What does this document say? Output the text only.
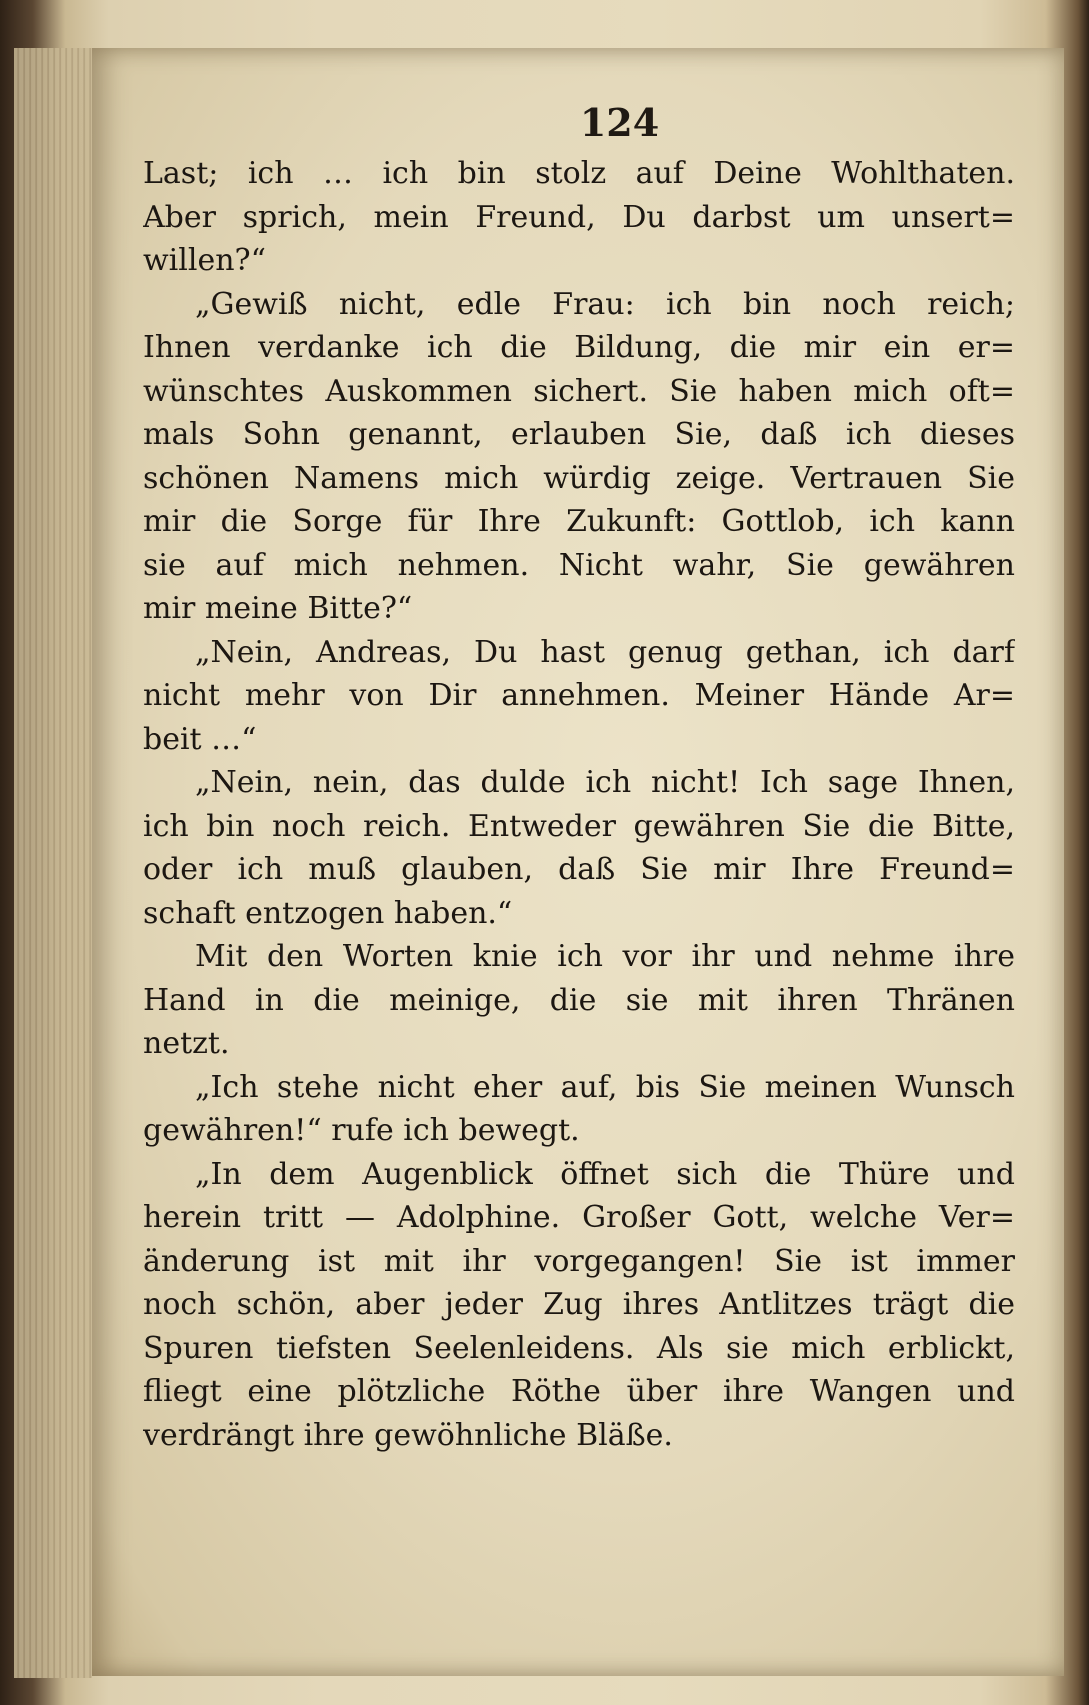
124
Last; ich … ich bin stolz auf Deine Wohlthaten.
Aber sprich, mein Freund, Du darbst um unsert=
willen?“
„Gewiß nicht, edle Frau: ich bin noch reich;
Ihnen verdanke ich die Bildung, die mir ein er=
wünschtes Auskommen sichert. Sie haben mich oft=
mals Sohn genannt, erlauben Sie, daß ich dieses
schönen Namens mich würdig zeige. Vertrauen Sie
mir die Sorge für Ihre Zukunft: Gottlob, ich kann
sie auf mich nehmen. Nicht wahr, Sie gewähren
mir meine Bitte?“
„Nein, Andreas, Du hast genug gethan, ich darf
nicht mehr von Dir annehmen. Meiner Hände Ar=
beit …“
„Nein, nein, das dulde ich nicht! Ich sage Ihnen,
ich bin noch reich. Entweder gewähren Sie die Bitte,
oder ich muß glauben, daß Sie mir Ihre Freund=
schaft entzogen haben.“
Mit den Worten knie ich vor ihr und nehme ihre
Hand in die meinige, die sie mit ihren Thränen
netzt.
„Ich stehe nicht eher auf, bis Sie meinen Wunsch
gewähren!“ rufe ich bewegt.
„In dem Augenblick öffnet sich die Thüre und
herein tritt — Adolphine. Großer Gott, welche Ver=
änderung ist mit ihr vorgegangen! Sie ist immer
noch schön, aber jeder Zug ihres Antlitzes trägt die
Spuren tiefsten Seelenleidens. Als sie mich erblickt,
fliegt eine plötzliche Röthe über ihre Wangen und
verdrängt ihre gewöhnliche Bläße.
